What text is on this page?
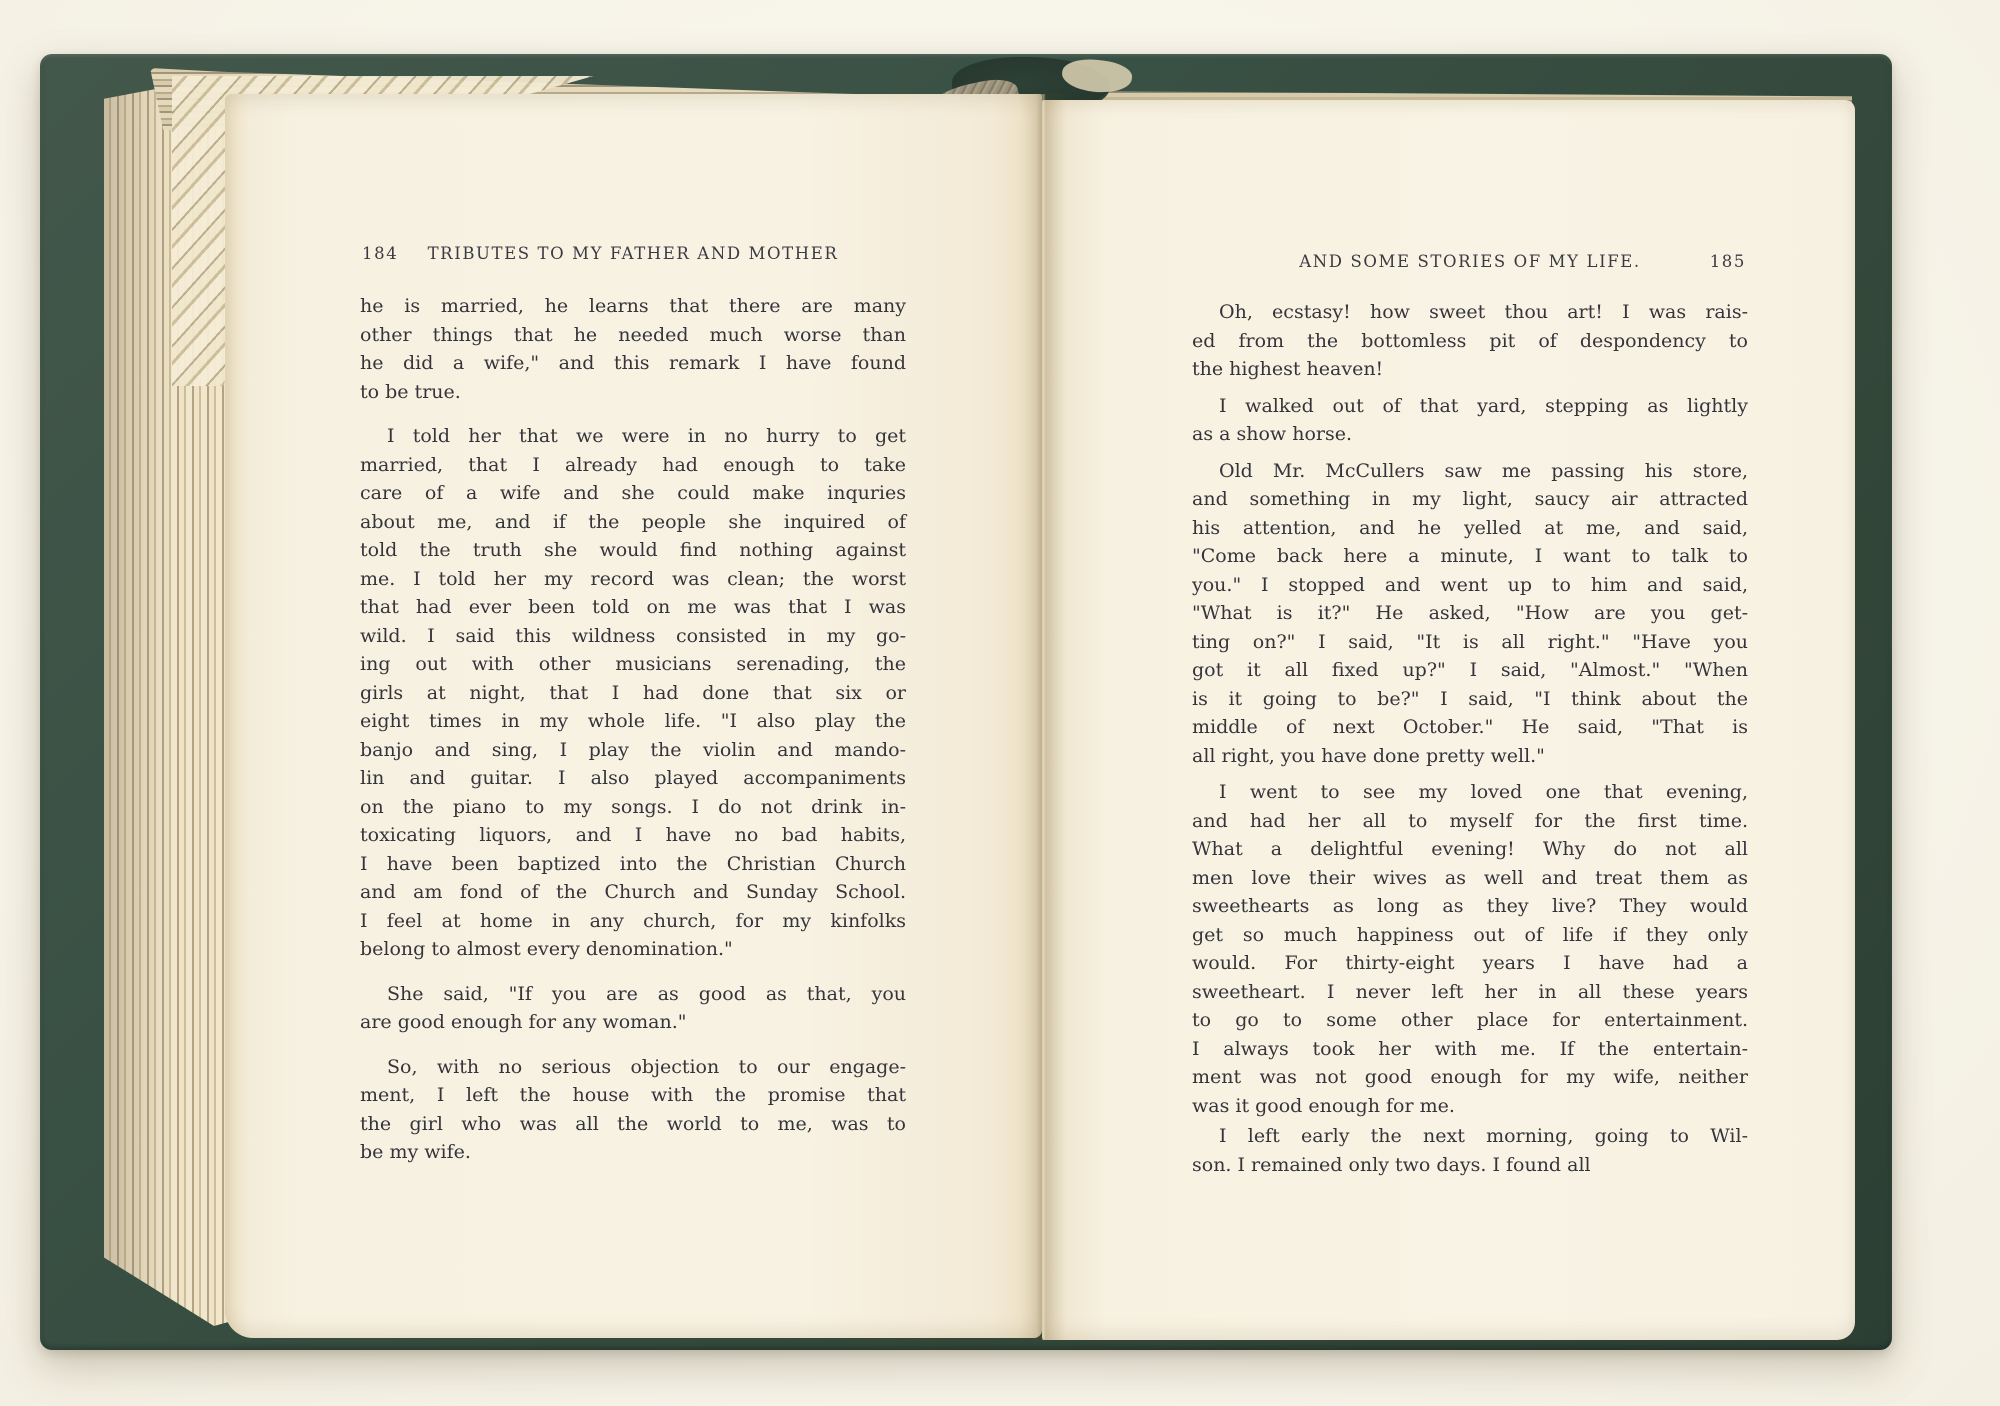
184	TRIBUTES TO MY FATHER AND MOTHER
he is married, he learns that there are many
other things that he needed much worse than
he did a wife," and this remark I have found
to be true.
I told her that we were in no hurry to get
married, that I already had enough to take
care of a wife and she could make inquries
about me, and if the people she inquired of
told the truth she would find nothing against
me. I told her my record was clean; the worst
that had ever been told on me was that I was
wild. I said this wildness consisted in my go-
ing out with other musicians serenading, the
girls at night, that I had done that six or
eight times in my whole life. "I also play the
banjo and sing, I play the violin and mando-
lin and guitar. I also played accompaniments
on the piano to my songs. I do not drink in-
toxicating liquors, and I have no bad habits,
I have been baptized into the Christian Church
and am fond of the Church and Sunday School.
I feel at home in any church, for my kinfolks
belong to almost every denomination."
She said, "If you are as good as that, you
are good enough for any woman."
So, with no serious objection to our engage-
ment, I left the house with the promise that
the girl who was all the world to me, was to
be my wife.
AND SOME STORIES OF MY LIFE.	185
Oh, ecstasy! how sweet thou art! I was rais-
ed from the bottomless pit of despondency to
the highest heaven!
I walked out of that yard, stepping as lightly
as a show horse.
Old Mr. McCullers saw me passing his store,
and something in my light, saucy air attracted
his attention, and he yelled at me, and said,
"Come back here a minute, I want to talk to
you." I stopped and went up to him and said,
"What is it?" He asked, "How are you get-
ting on?" I said, "It is all right." "Have you
got it all fixed up?" I said, "Almost." "When
is it going to be?" I said, "I think about the
middle of next October." He said, "That is
all right, you have done pretty well."
I went to see my loved one that evening,
and had her all to myself for the first time.
What a delightful evening! Why do not all
men love their wives as well and treat them as
sweethearts as long as they live? They would
get so much happiness out of life if they only
would. For thirty-eight years I have had a
sweetheart. I never left her in all these years
to go to some other place for entertainment.
I always took her with me. If the entertain-
ment was not good enough for my wife, neither
was it good enough for me.
I left early the next morning, going to Wil-
son. I remained only two days. I found all
